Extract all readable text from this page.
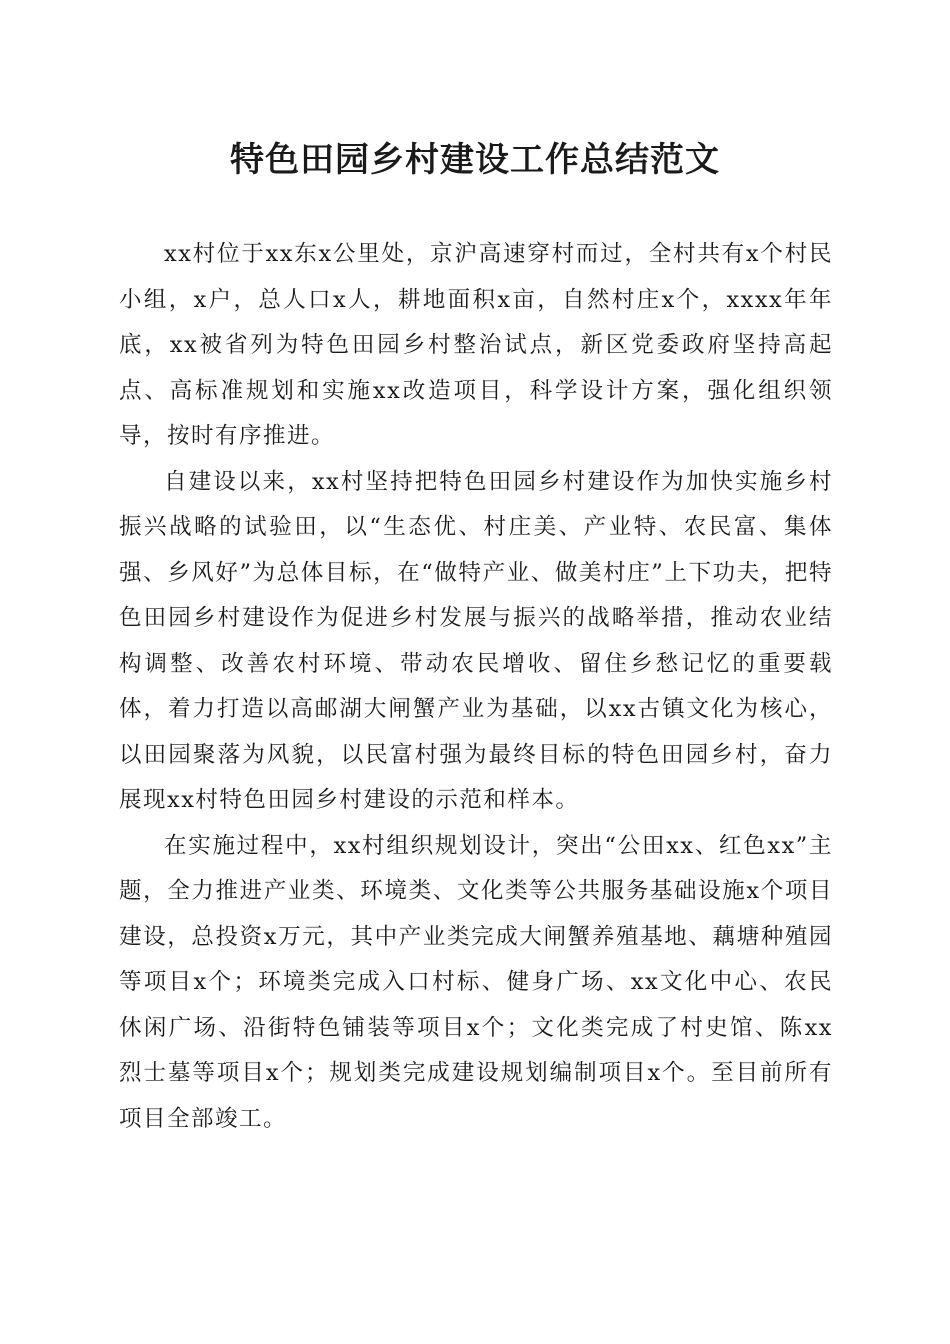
特色田园乡村建设工作总结范文

xx村位于xx东x公里处，京沪高速穿村而过，全村共有x个村民小组，x户，总人口x人，耕地面积x亩，自然村庄x个，xxxx年年底，xx被省列为特色田园乡村整治试点，新区党委政府坚持高起点、高标准规划和实施xx改造项目，科学设计方案，强化组织领导，按时有序推进。

自建设以来，xx村坚持把特色田园乡村建设作为加快实施乡村振兴战略的试验田，以“生态优、村庄美、产业特、农民富、集体强、乡风好”为总体目标，在“做特产业、做美村庄”上下功夫，把特色田园乡村建设作为促进乡村发展与振兴的战略举措，推动农业结构调整、改善农村环境、带动农民增收、留住乡愁记忆的重要载体，着力打造以高邮湖大闸蟹产业为基础，以xx古镇文化为核心，以田园聚落为风貌，以民富村强为最终目标的特色田园乡村，奋力展现xx村特色田园乡村建设的示范和样本。

在实施过程中，xx村组织规划设计，突出“公田xx、红色xx”主题，全力推进产业类、环境类、文化类等公共服务基础设施x个项目建设，总投资x万元，其中产业类完成大闸蟹养殖基地、藕塘种殖园等项目x个；环境类完成入口村标、健身广场、xx文化中心、农民休闲广场、沿街特色铺装等项目x个；文化类完成了村史馆、陈xx烈士墓等项目x个；规划类完成建设规划编制项目x个。至目前所有项目全部竣工。
